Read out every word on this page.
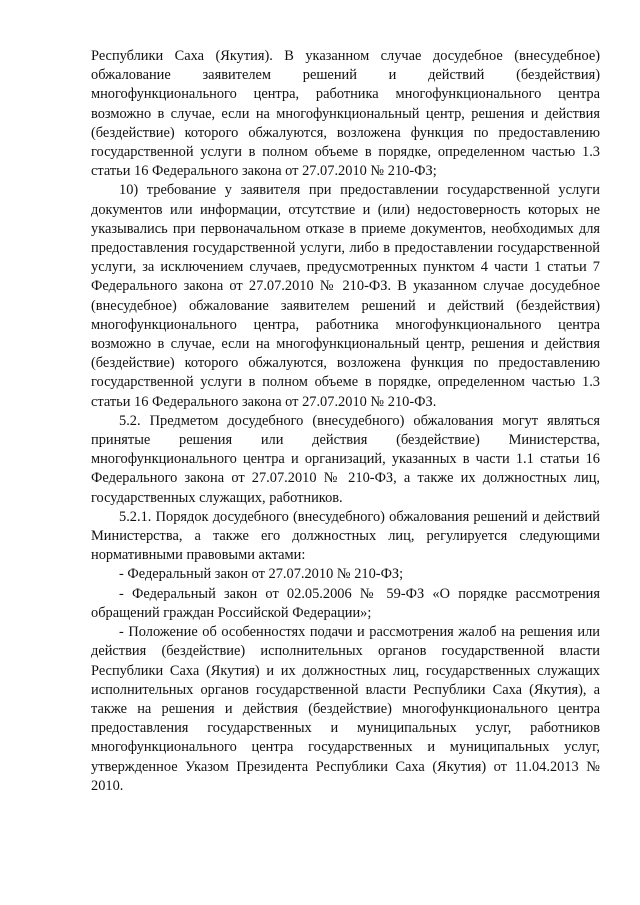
Республики Саха (Якутия). В указанном случае досудебное (внесудебное) обжалование заявителем решений и действий (бездействия) многофункционального центра, работника многофункционального центра возможно в случае, если на многофункциональный центр, решения и действия (бездействие) которого обжалуются, возложена функция по предоставлению государственной услуги в полном объеме в порядке, определенном частью 1.3 статьи 16 Федерального закона от 27.07.2010 № 210-ФЗ;

10) требование у заявителя при предоставлении государственной услуги документов или информации, отсутствие и (или) недостоверность которых не указывались при первоначальном отказе в приеме документов, необходимых для предоставления государственной услуги, либо в предоставлении государственной услуги, за исключением случаев, предусмотренных пунктом 4 части 1 статьи 7 Федерального закона от 27.07.2010 № 210-ФЗ. В указанном случае досудебное (внесудебное) обжалование заявителем решений и действий (бездействия) многофункционального центра, работника многофункционального центра возможно в случае, если на многофункциональный центр, решения и действия (бездействие) которого обжалуются, возложена функция по предоставлению государственной услуги в полном объеме в порядке, определенном частью 1.3 статьи 16 Федерального закона от 27.07.2010 № 210-ФЗ.

5.2. Предметом досудебного (внесудебного) обжалования могут являться принятые решения или действия (бездействие) Министерства, многофункционального центра и организаций, указанных в части 1.1 статьи 16 Федерального закона от 27.07.2010 № 210-ФЗ, а также их должностных лиц, государственных служащих, работников.

5.2.1. Порядок досудебного (внесудебного) обжалования решений и действий Министерства, а также его должностных лиц, регулируется следующими нормативными правовыми актами:

- Федеральный закон от 27.07.2010 № 210-ФЗ;

- Федеральный закон от 02.05.2006 № 59-ФЗ «О порядке рассмотрения обращений граждан Российской Федерации»;

- Положение об особенностях подачи и рассмотрения жалоб на решения или действия (бездействие) исполнительных органов государственной власти Республики Саха (Якутия) и их должностных лиц, государственных служащих исполнительных органов государственной власти Республики Саха (Якутия), а также на решения и действия (бездействие) многофункционального центра предоставления государственных и муниципальных услуг, работников многофункционального центра государственных и муниципальных услуг, утвержденное Указом Президента Республики Саха (Якутия) от 11.04.2013 № 2010.
